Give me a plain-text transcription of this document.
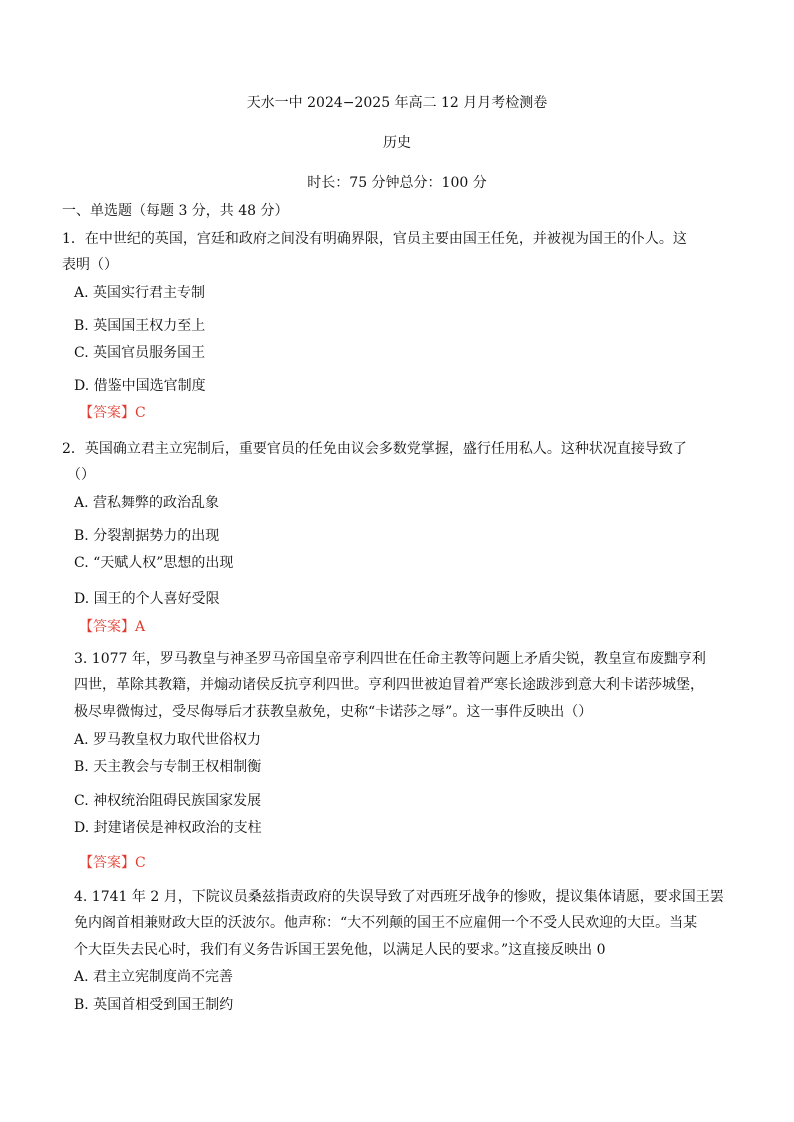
天水一中 2024−2025 年高二 12 月月考检测卷
历史
时长：75 分钟总分：100 分
一、单选题（每题 3 分，共 48 分）
1．在中世纪的英国，宫廷和政府之间没有明确界限，官员主要由国王任免，并被视为国王的仆人。这
表明（）
A. 英国实行君主专制
B. 英国国王权力至上
C. 英国官员服务国王
D. 借鉴中国选官制度
【答案】C
2．英国确立君主立宪制后，重要官员的任免由议会多数党掌握，盛行任用私人。这种状况直接导致了
（）
A. 营私舞弊的政治乱象
B. 分裂割据势力的出现
C. “天赋人权”思想的出现
D. 国王的个人喜好受限
【答案】A
3. 1077 年，罗马教皇与神圣罗马帝国皇帝亨利四世在任命主教等问题上矛盾尖锐，教皇宣布废黜亨利
四世，革除其教籍，并煽动诸侯反抗亨利四世。亨利四世被迫冒着严寒长途跋涉到意大利卡诺莎城堡，
极尽卑微悔过，受尽侮辱后才获教皇赦免，史称“卡诺莎之辱”。这一事件反映出（）
A. 罗马教皇权力取代世俗权力
B. 天主教会与专制王权相制衡
C. 神权统治阻碍民族国家发展
D. 封建诸侯是神权政治的支柱
【答案】C
4. 1741 年 2 月，下院议员桑兹指责政府的失误导致了对西班牙战争的惨败，提议集体请愿，要求国王罢
免内阁首相兼财政大臣的沃波尔。他声称：“大不列颠的国王不应雇佣一个不受人民欢迎的大臣。当某
个大臣失去民心时，我们有义务告诉国王罢免他，以满足人民的要求。”这直接反映出 0
A. 君主立宪制度尚不完善
B. 英国首相受到国王制约
